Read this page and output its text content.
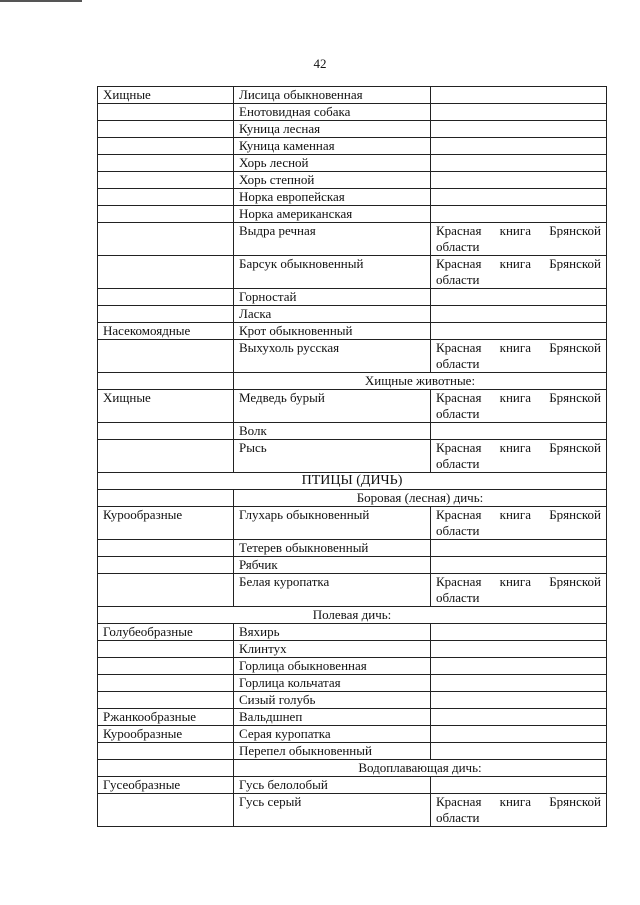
42
Хищные	Лисица обыкновенная	
	Енотовидная собака	
	Куница лесная	
	Куница каменная	
	Хорь лесной	
	Хорь степной	
	Норка европейская	
	Норка американская	
	Выдра речная	Красная книга Брянской области
	Барсук обыкновенный	Красная книга Брянской области
	Горностай	
	Ласка	
Насекомоядные	Крот обыкновенный	
	Выхухоль русская	Красная книга Брянской области
	Хищные животные:	
Хищные	Медведь бурый	Красная книга Брянской области
	Волк	
	Рысь	Красная книга Брянской области
ПТИЦЫ (ДИЧЬ)		
	Боровая (лесная) дичь:	
Курообразные	Глухарь обыкновенный	Красная книга Брянской области
	Тетерев обыкновенный	
	Рябчик	
	Белая куропатка	Красная книга Брянской области
Полевая дичь:		
Голубеобразные	Вяхирь	
	Клинтух	
	Горлица обыкновенная	
	Горлица кольчатая	
	Сизый голубь	
Ржанкообразные	Вальдшнеп	
Курообразные	Серая куропатка	
	Перепел обыкновенный	
	Водоплавающая дичь:	
Гусеобразные	Гусь белолобый	
	Гусь серый	Красная книга Брянской области
